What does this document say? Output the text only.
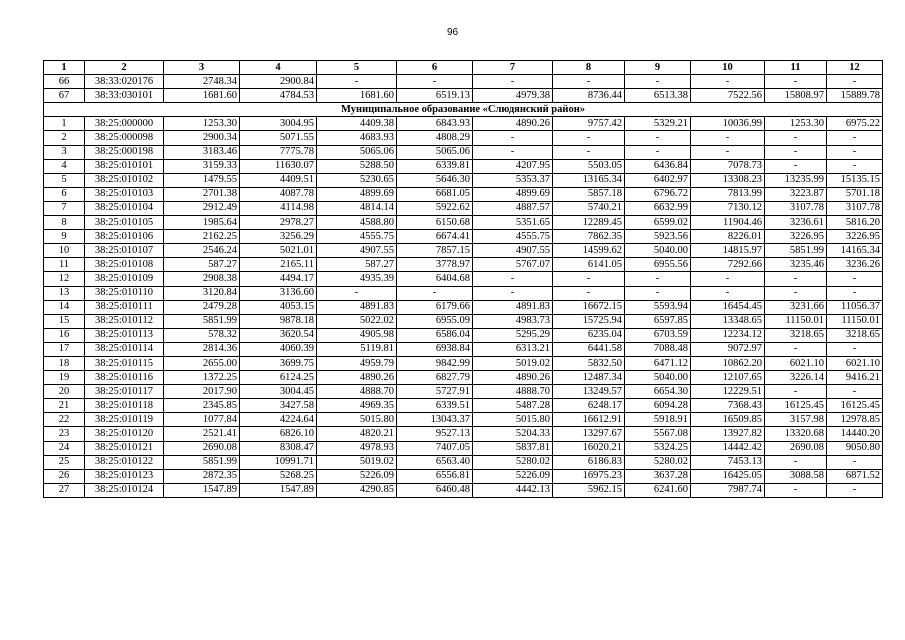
96
1	2	3	4	5	6	7	8	9	10	11	12
66	38:33:020176	2748.34	2900.84	-	-	-	-	-	-	-	-
67	38:33:030101	1681.60	4784.53	1681.60	6519.13	4979.38	8736.44	6513.38	7522.56	15808.97	15889.78
Муниципальное образование «Слюдянский район»											
1	38:25:000000	1253.30	3004.95	4409.38	6843.93	4890.26	9757.42	5329.21	10036.99	1253.30	6975.22
2	38:25:000098	2900.34	5071.55	4683.93	4808.29	-	-	-	-	-	-
3	38:25:000198	3183.46	7775.78	5065.06	5065.06	-	-	-	-	-	-
4	38:25:010101	3159.33	11630.07	5288.50	6339.81	4207.95	5503.05	6436.84	7078.73	-	-
5	38:25:010102	1479.55	4409.51	5230.65	5646.30	5353.37	13165.34	6402.97	13308.23	13235.99	15135.15
6	38:25:010103	2701.38	4087.78	4899.69	6681.05	4899.69	5857.18	6796.72	7813.99	3223.87	5701.18
7	38:25:010104	2912.49	4114.98	4814.14	5922.62	4887.57	5740.21	6632.99	7130.12	3107.78	3107.78
8	38:25:010105	1985.64	2978.27	4588.80	6150.68	5351.65	12289.45	6599.02	11904.46	3236.61	5816.20
9	38:25:010106	2162.25	3256.29	4555.75	6674.41	4555.75	7862.35	5923.56	8226.01	3226.95	3226.95
10	38:25:010107	2546.24	5021.01	4907.55	7857.15	4907.55	14599.62	5040.00	14815.97	5851.99	14165.34
11	38:25:010108	587.27	2165.11	587.27	3778.97	5767.07	6141.05	6955.56	7292.66	3235.46	3236.26
12	38:25:010109	2908.38	4494.17	4935.39	6404.68	-	-	-	-	-	-
13	38:25:010110	3120.84	3136.60	-	-	-	-	-	-	-	-
14	38:25:010111	2479.28	4053.15	4891.83	6179.66	4891.83	16672.15	5593.94	16454.45	3231.66	11056.37
15	38:25:010112	5851.99	9878.18	5022.02	6955.09	4983.73	15725.94	6597.85	13348.65	11150.01	11150.01
16	38:25:010113	578.32	3620.54	4905.98	6586.04	5295.29	6235.04	6703.59	12234.12	3218.65	3218.65
17	38:25:010114	2814.36	4060.39	5119.81	6938.84	6313.21	6441.58	7088.48	9072.97	-	-
18	38:25:010115	2655.00	3699.75	4959.79	9842.99	5019.02	5832.50	6471.12	10862.20	6021.10	6021.10
19	38:25:010116	1372.25	6124.25	4890.26	6827.79	4890.26	12487.34	5040.00	12107.65	3226.14	9416.21
20	38:25:010117	2017.90	3004.45	4888.70	5727.91	4888.70	13249.57	6654.30	12229.51	-	-
21	38:25:010118	2345.85	3427.58	4969.35	6339.51	5487.28	6248.17	6094.28	7368.43	16125.45	16125.45
22	38:25:010119	1077.84	4224.64	5015.80	13043.37	5015.80	16612.91	5918.91	16509.85	3157.98	12978.85
23	38:25:010120	2521.41	6826.10	4820.21	9527.13	5204.33	13297.67	5567.08	13927.82	13320.68	14440.20
24	38:25:010121	2690.08	8308.47	4978.93	7407.05	5837.81	16020.21	5324.25	14442.42	2690.08	9050.80
25	38:25:010122	5851.99	10991.71	5019.02	6563.40	5280.02	6186.83	5280.02	7453.13	-	-
26	38:25:010123	2872.35	5268.25	5226.09	6556.81	5226.09	16975.23	3637.28	16425.05	3088.58	6871.52
27	38:25:010124	1547.89	1547.89	4290.85	6460.48	4442.13	5962.15	6241.60	7987.74	-	-
